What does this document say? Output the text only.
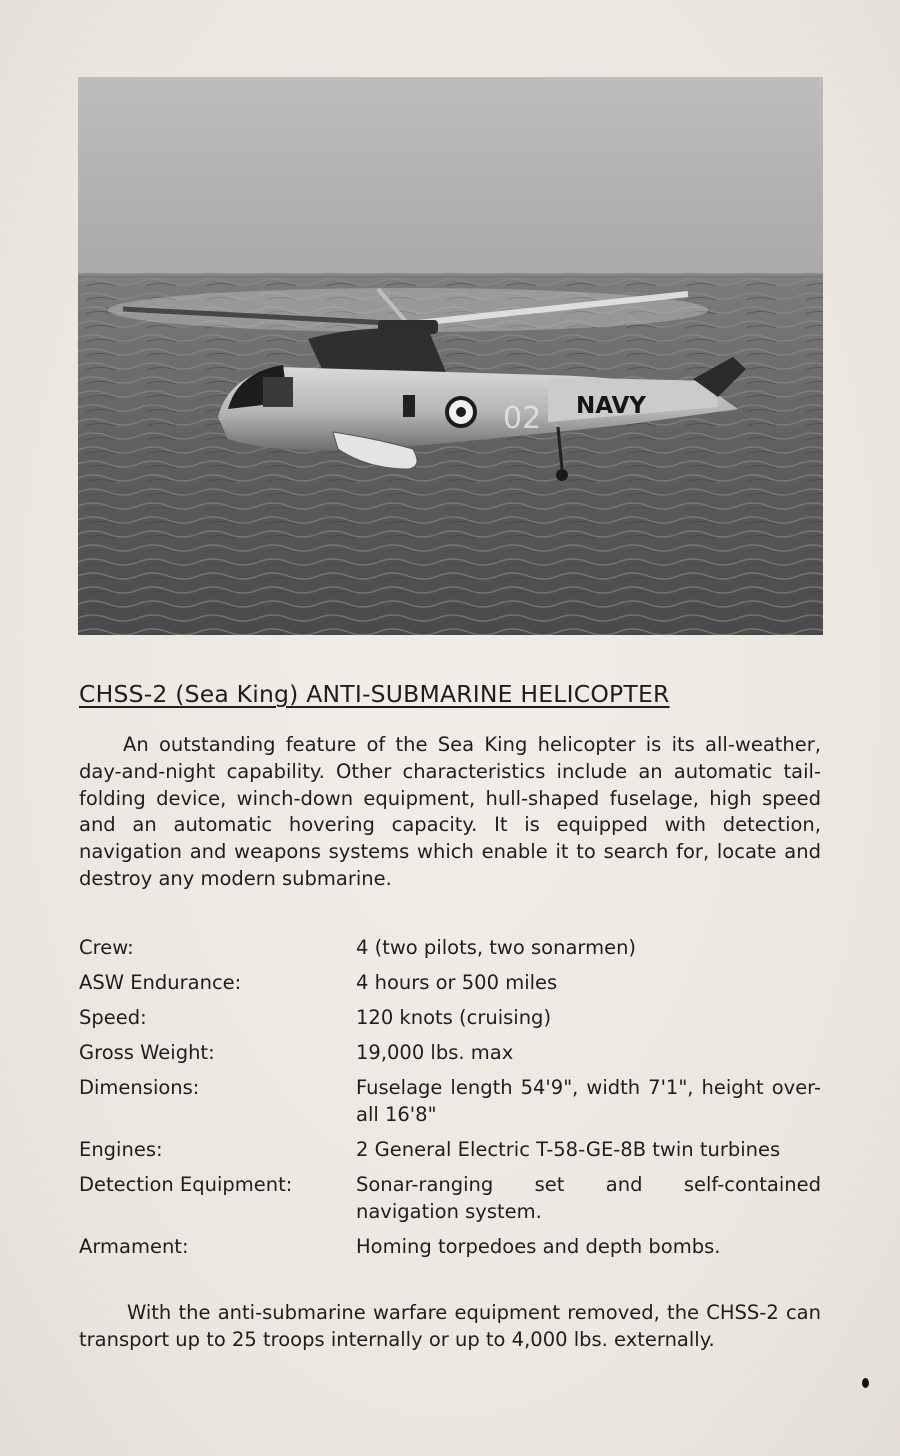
02 NAVY
CHSS-2 (Sea King) ANTI-SUBMARINE HELICOPTER

An outstanding feature of the Sea King helicopter is its all-weather, day-and-night capability. Other characteristics include an automatic tail-folding device, winch-down equipment, hull-shaped fuselage, high speed and an automatic hovering capacity. It is equipped with detection, navigation and weapons systems which enable it to search for, locate and destroy any modern submarine.

Crew:	4 (two pilots, two sonarmen)
ASW Endurance:	4 hours or 500 miles
Speed:	120 knots (cruising)
Gross Weight:	19,000 lbs. max
Dimensions:	Fuselage length 54'9", width 7'1", height over-all 16'8"
Engines:	2 General Electric T-58-GE-8B twin turbines
Detection Equipment:	Sonar-ranging set and self-contained navigation system.
Armament:	Homing torpedoes and depth bombs.

With the anti-submarine warfare equipment removed, the CHSS-2 can transport up to 25 troops internally or up to 4,000 lbs. externally.
